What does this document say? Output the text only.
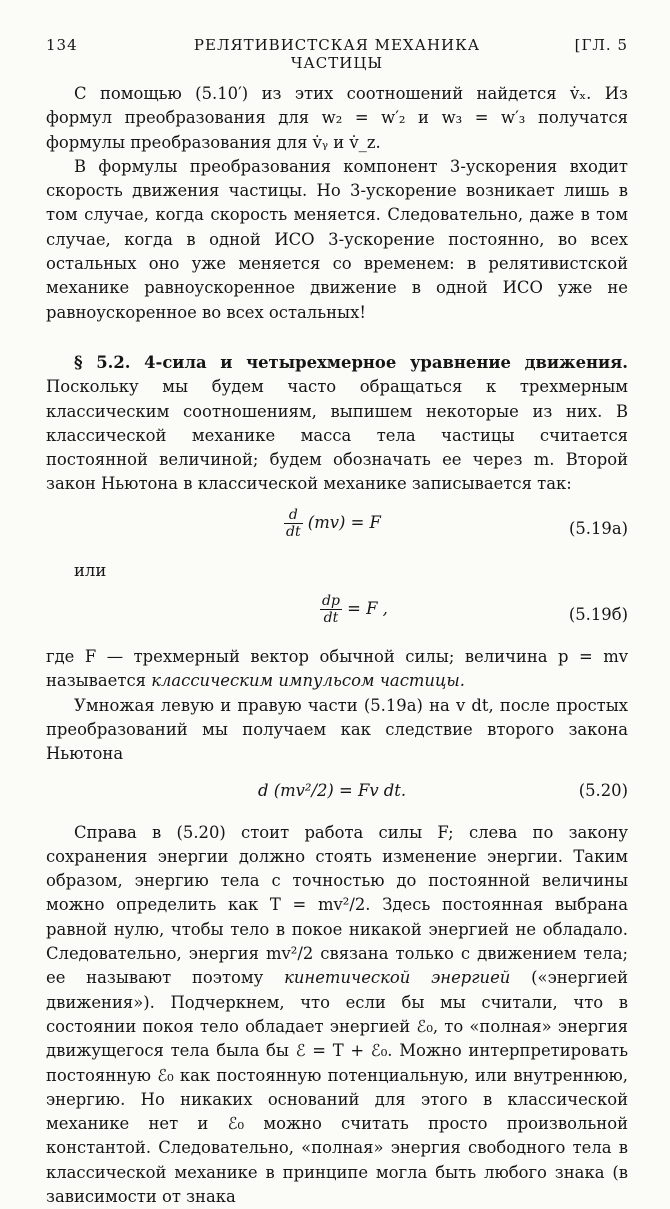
134	РЕЛЯТИВИСТСКАЯ МЕХАНИКА ЧАСТИЦЫ
[ГЛ. 5

С помощью (5.10′) из этих соотношений найдется v̇ₓ. Из формул преобразования для w₂ = w′₂ и w₃ = w′₃ получатся формулы преобразования для v̇ᵧ и v̇_z.

В формулы преобразования компонент 3-ускорения входит скорость движения частицы. Но 3-ускорение возникает лишь в том случае, когда скорость меняется. Следовательно, даже в том случае, когда в одной ИСО 3-ускорение постоянно, во всех остальных оно уже меняется со временем: в релятивистской механике равноускоренное движение в одной ИСО уже не равноускоренное во всех остальных!

§ 5.2. 4-сила и четырехмерное уравнение движения. Поскольку мы будем часто обращаться к трехмерным классическим соотношениям, выпишем некоторые из них. В классической механике масса тела частицы считается постоянной величиной; будем обозначать ее через m. Второй закон Ньютона в классической механике записывается так:

$\frac{d}{dt} (mv) = F$	(5.19а)

или

$\frac{dp}{dt} = F$ ,	(5.19б)

где F — трехмерный вектор обычной силы; величина p = mv называется классическим импульсом частицы.

Умножая левую и правую части (5.19а) на v dt, после простых преобразований мы получаем как следствие второго закона Ньютона

d (mv²/2) = Fv dt.	(5.20)

Справа в (5.20) стоит работа силы F; слева по закону сохранения энергии должно стоять изменение энергии. Таким образом, энергию тела с точностью до постоянной величины можно определить как T = mv²/2. Здесь постоянная выбрана равной нулю, чтобы тело в покое никакой энергией не обладало. Следовательно, энергия mv²/2 связана только с движением тела; ее называют поэтому кинетической энергией («энергией движения»). Подчеркнем, что если бы мы считали, что в состоянии покоя тело обладает энергией ℰ₀, то «полная» энергия движущегося тела была бы ℰ = T + ℰ₀. Можно интерпретировать постоянную ℰ₀ как постоянную потенциальную, или внутреннюю, энергию. Но никаких оснований для этого в классической механике нет и ℰ₀ можно считать просто произвольной константой. Следовательно, «полная» энергия свободного тела в классической механике в принципе могла быть любого знака (в зависимости от знака
